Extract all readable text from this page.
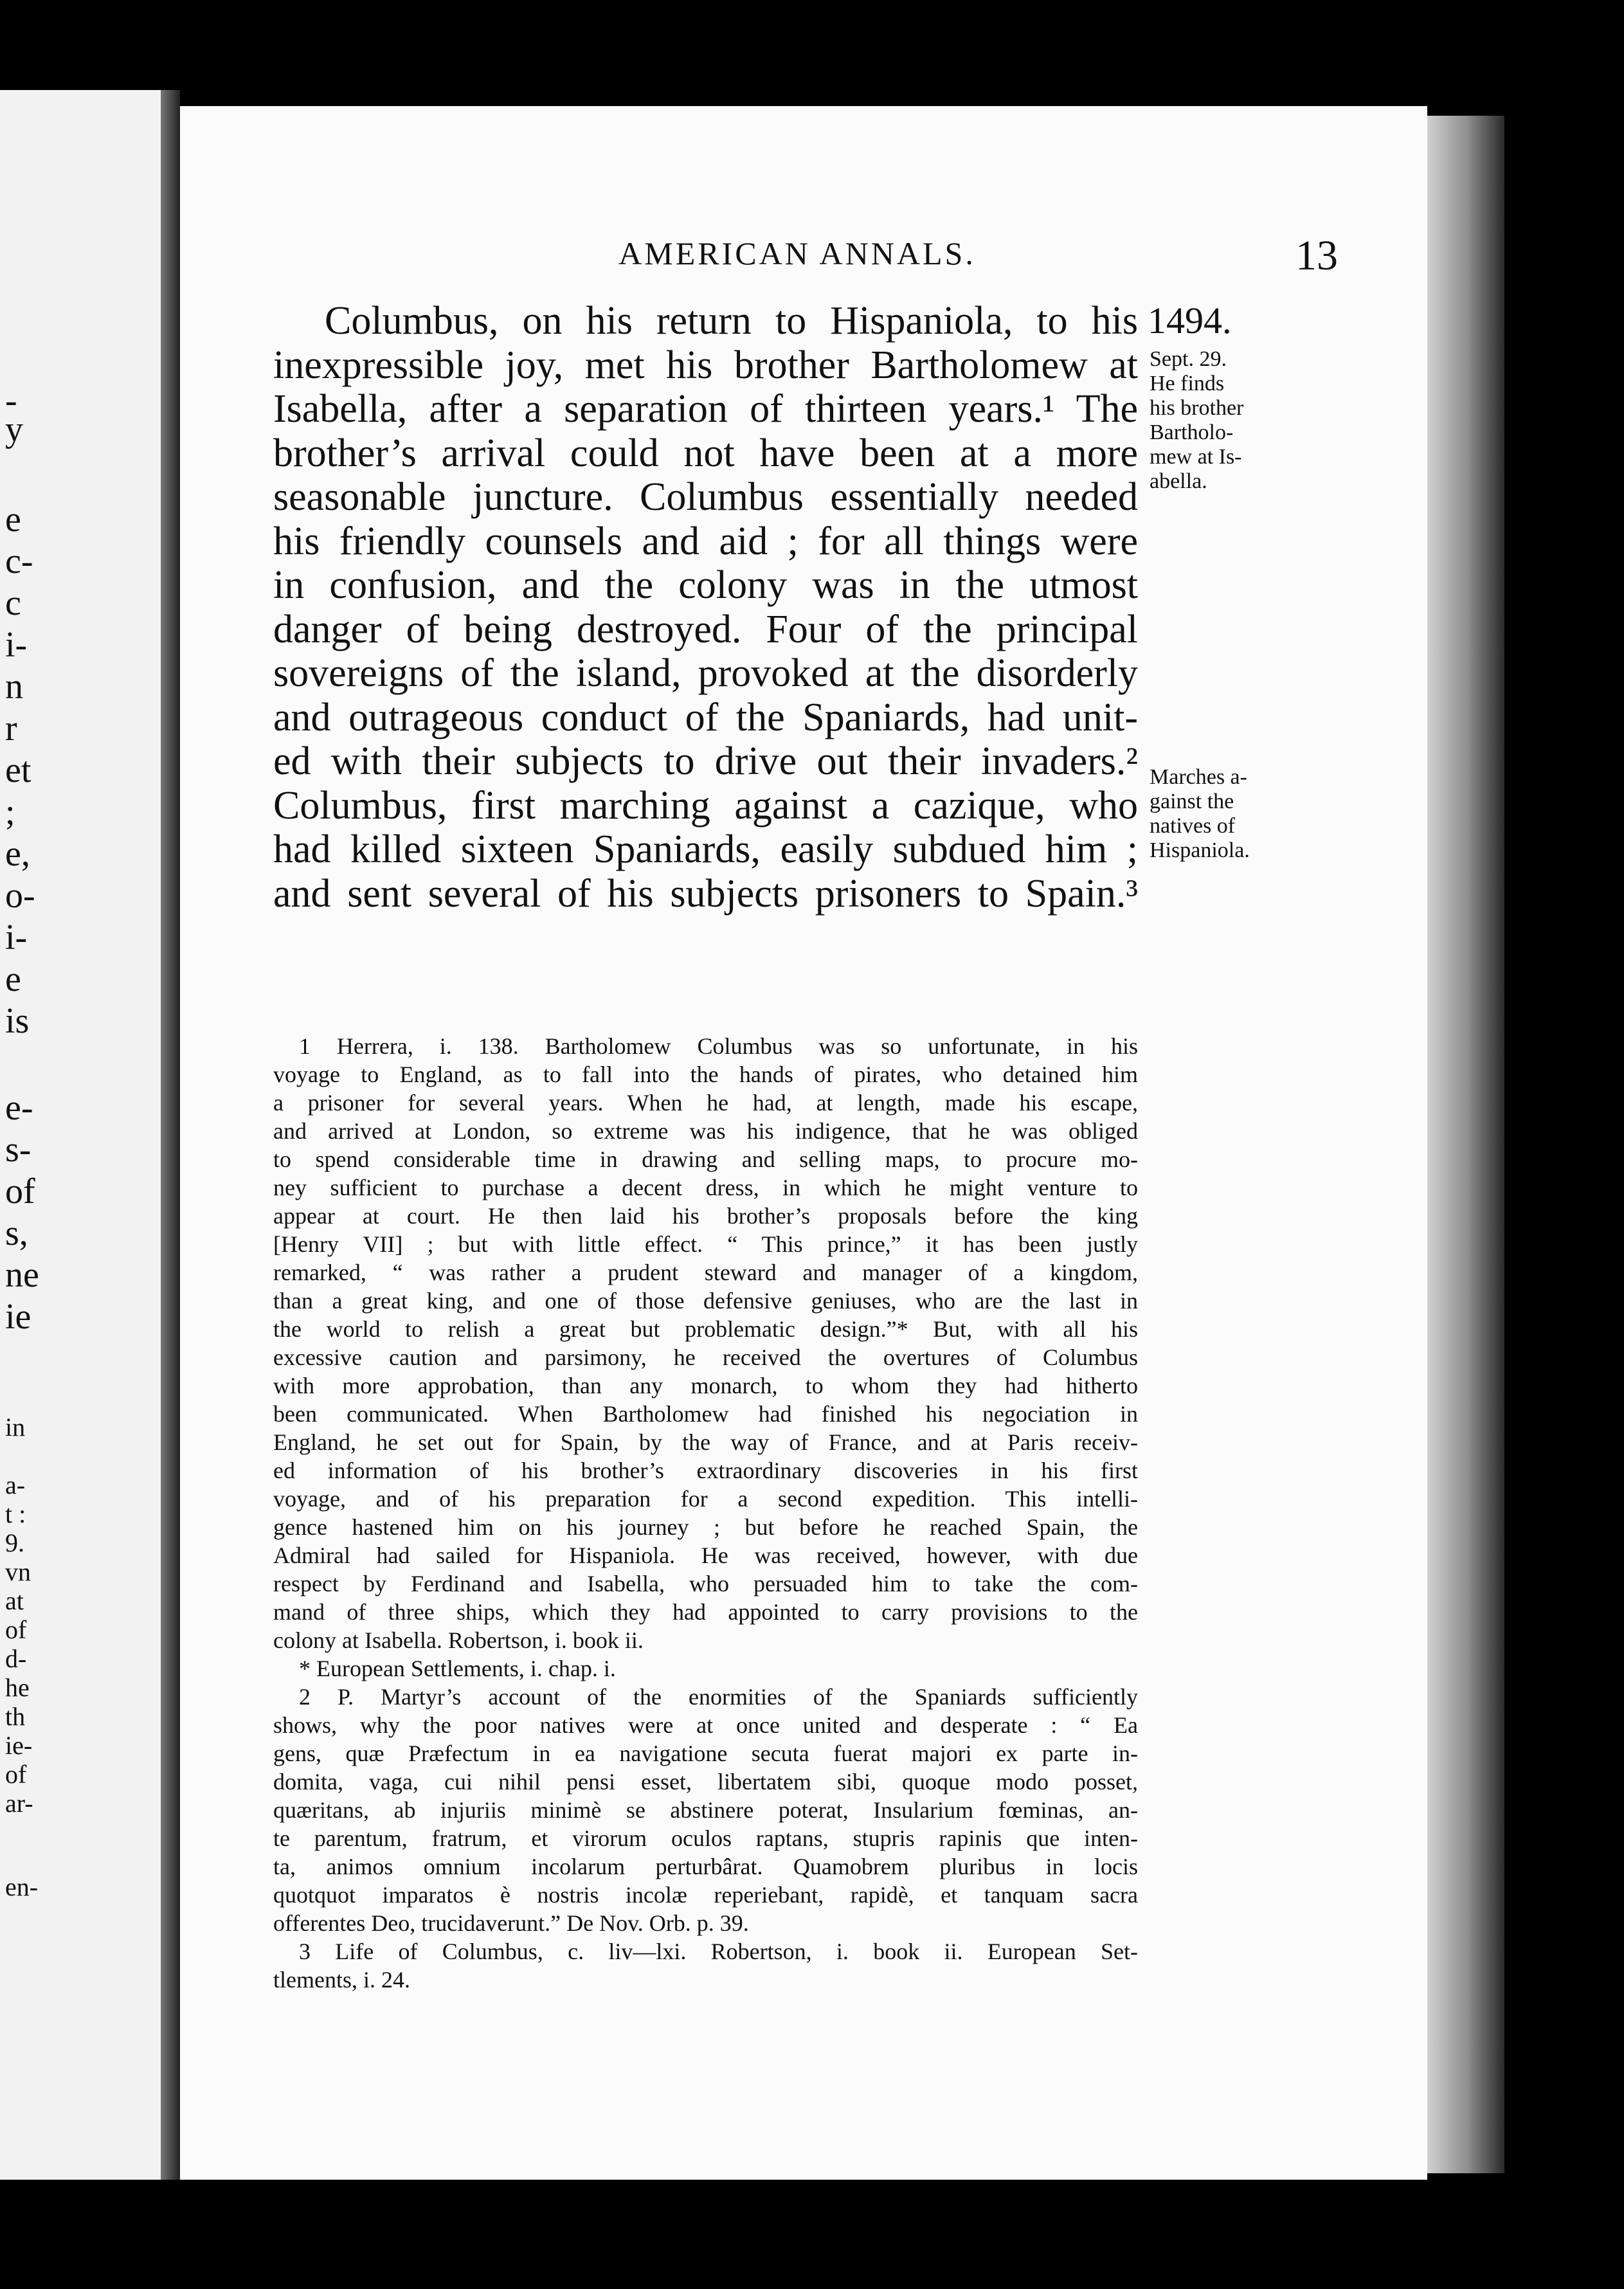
-
y
e
c-
c
i-
n
r
et
;
e,
o-
i-
e
is
e-
s-
of
s,
ne
ie
in
a-
t :
9.
vn
at
of
d-
he
th
ie-
of
ar-
en-
AMERICAN ANNALS.	13
1494.
Sept. 29.
He finds
his brother
Bartholo-
mew at Is-
abella.
Marches a-
gainst the
natives of
Hispaniola.
Columbus, on his return to Hispaniola, to his
inexpressible joy, met his brother Bartholomew at
Isabella, after a separation of thirteen years.¹ The
brother’s arrival could not have been at a more
seasonable juncture. Columbus essentially needed
his friendly counsels and aid ; for all things were
in confusion, and the colony was in the utmost
danger of being destroyed. Four of the principal
sovereigns of the island, provoked at the disorderly
and outrageous conduct of the Spaniards, had unit-
ed with their subjects to drive out their invaders.²
Columbus, first marching against a cazique, who
had killed sixteen Spaniards, easily subdued him ;
and sent several of his subjects prisoners to Spain.³
1 Herrera, i. 138. Bartholomew Columbus was so unfortunate, in his
voyage to England, as to fall into the hands of pirates, who detained him
a prisoner for several years. When he had, at length, made his escape,
and arrived at London, so extreme was his indigence, that he was obliged
to spend considerable time in drawing and selling maps, to procure mo-
ney sufficient to purchase a decent dress, in which he might venture to
appear at court. He then laid his brother’s proposals before the king
[Henry VII] ; but with little effect. “ This prince,” it has been justly
remarked, “ was rather a prudent steward and manager of a kingdom,
than a great king, and one of those defensive geniuses, who are the last in
the world to relish a great but problematic design.”* But, with all his
excessive caution and parsimony, he received the overtures of Columbus
with more approbation, than any monarch, to whom they had hitherto
been communicated. When Bartholomew had finished his negociation in
England, he set out for Spain, by the way of France, and at Paris receiv-
ed information of his brother’s extraordinary discoveries in his first
voyage, and of his preparation for a second expedition. This intelli-
gence hastened him on his journey ; but before he reached Spain, the
Admiral had sailed for Hispaniola. He was received, however, with due
respect by Ferdinand and Isabella, who persuaded him to take the com-
mand of three ships, which they had appointed to carry provisions to the
colony at Isabella. Robertson, i. book ii.
* European Settlements, i. chap. i.
2 P. Martyr’s account of the enormities of the Spaniards sufficiently
shows, why the poor natives were at once united and desperate : “ Ea
gens, quæ Præfectum in ea navigatione secuta fuerat majori ex parte in-
domita, vaga, cui nihil pensi esset, libertatem sibi, quoque modo posset,
quæritans, ab injuriis minimè se abstinere poterat, Insularium fœminas, an-
te parentum, fratrum, et virorum oculos raptans, stupris rapinis que inten-
ta, animos omnium incolarum perturbârat. Quamobrem pluribus in locis
quotquot imparatos è nostris incolæ reperiebant, rapidè, et tanquam sacra
offerentes Deo, trucidaverunt.” De Nov. Orb. p. 39.
3 Life of Columbus, c. liv—lxi. Robertson, i. book ii. European Set-
tlements, i. 24.
